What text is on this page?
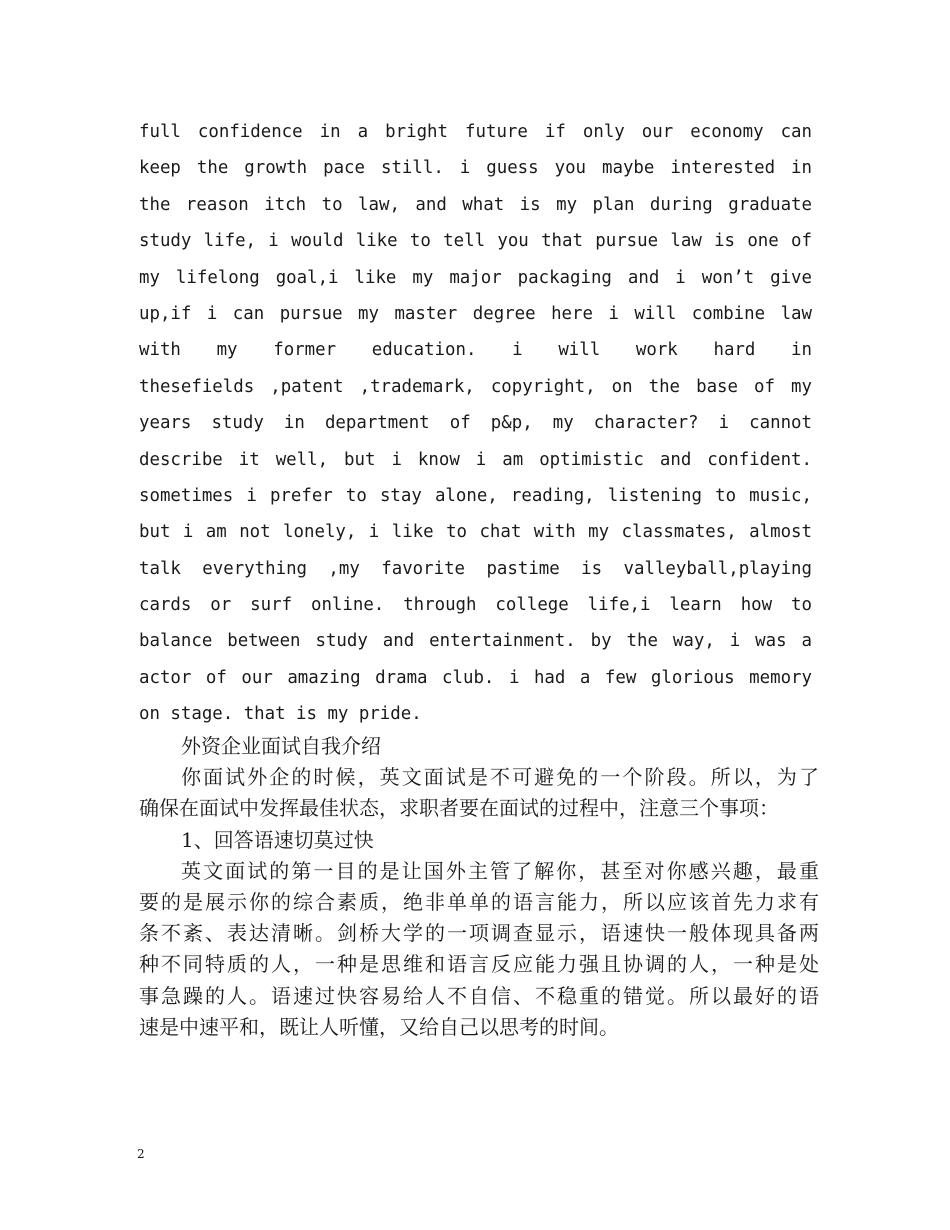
full confidence in a bright future if only our economy can
keep the growth pace still. i guess you maybe interested in
the reason itch to law, and what is my plan during graduate
study life, i would like to tell you that pursue law is one of
my lifelong goal,i like my major packaging and i won’t give
up,if i can pursue my master degree here i will combine law
with my former education. i will work hard in
thesefields ,patent ,trademark, copyright, on the base of my
years study in department of p&p, my character? i cannot
describe it well, but i know i am optimistic and confident.
sometimes i prefer to stay alone, reading, listening to music,
but i am not lonely, i like to chat with my classmates, almost
talk everything ,my favorite pastime is valleyball,playing
cards or surf online. through college life,i learn how to
balance between study and entertainment. by the way, i was a
actor of our amazing drama club. i had a few glorious memory
on stage. that is my pride.
外资企业面试自我介绍
你面试外企的时候，英文面试是不可避免的一个阶段。所以，为了
确保在面试中发挥最佳状态，求职者要在面试的过程中，注意三个事项：
1、回答语速切莫过快
英文面试的第一目的是让国外主管了解你，甚至对你感兴趣，最重
要的是展示你的综合素质，绝非单单的语言能力，所以应该首先力求有
条不紊、表达清晰。剑桥大学的一项调查显示，语速快一般体现具备两
种不同特质的人，一种是思维和语言反应能力强且协调的人，一种是处
事急躁的人。语速过快容易给人不自信、不稳重的错觉。所以最好的语
速是中速平和，既让人听懂，又给自己以思考的时间。
2
